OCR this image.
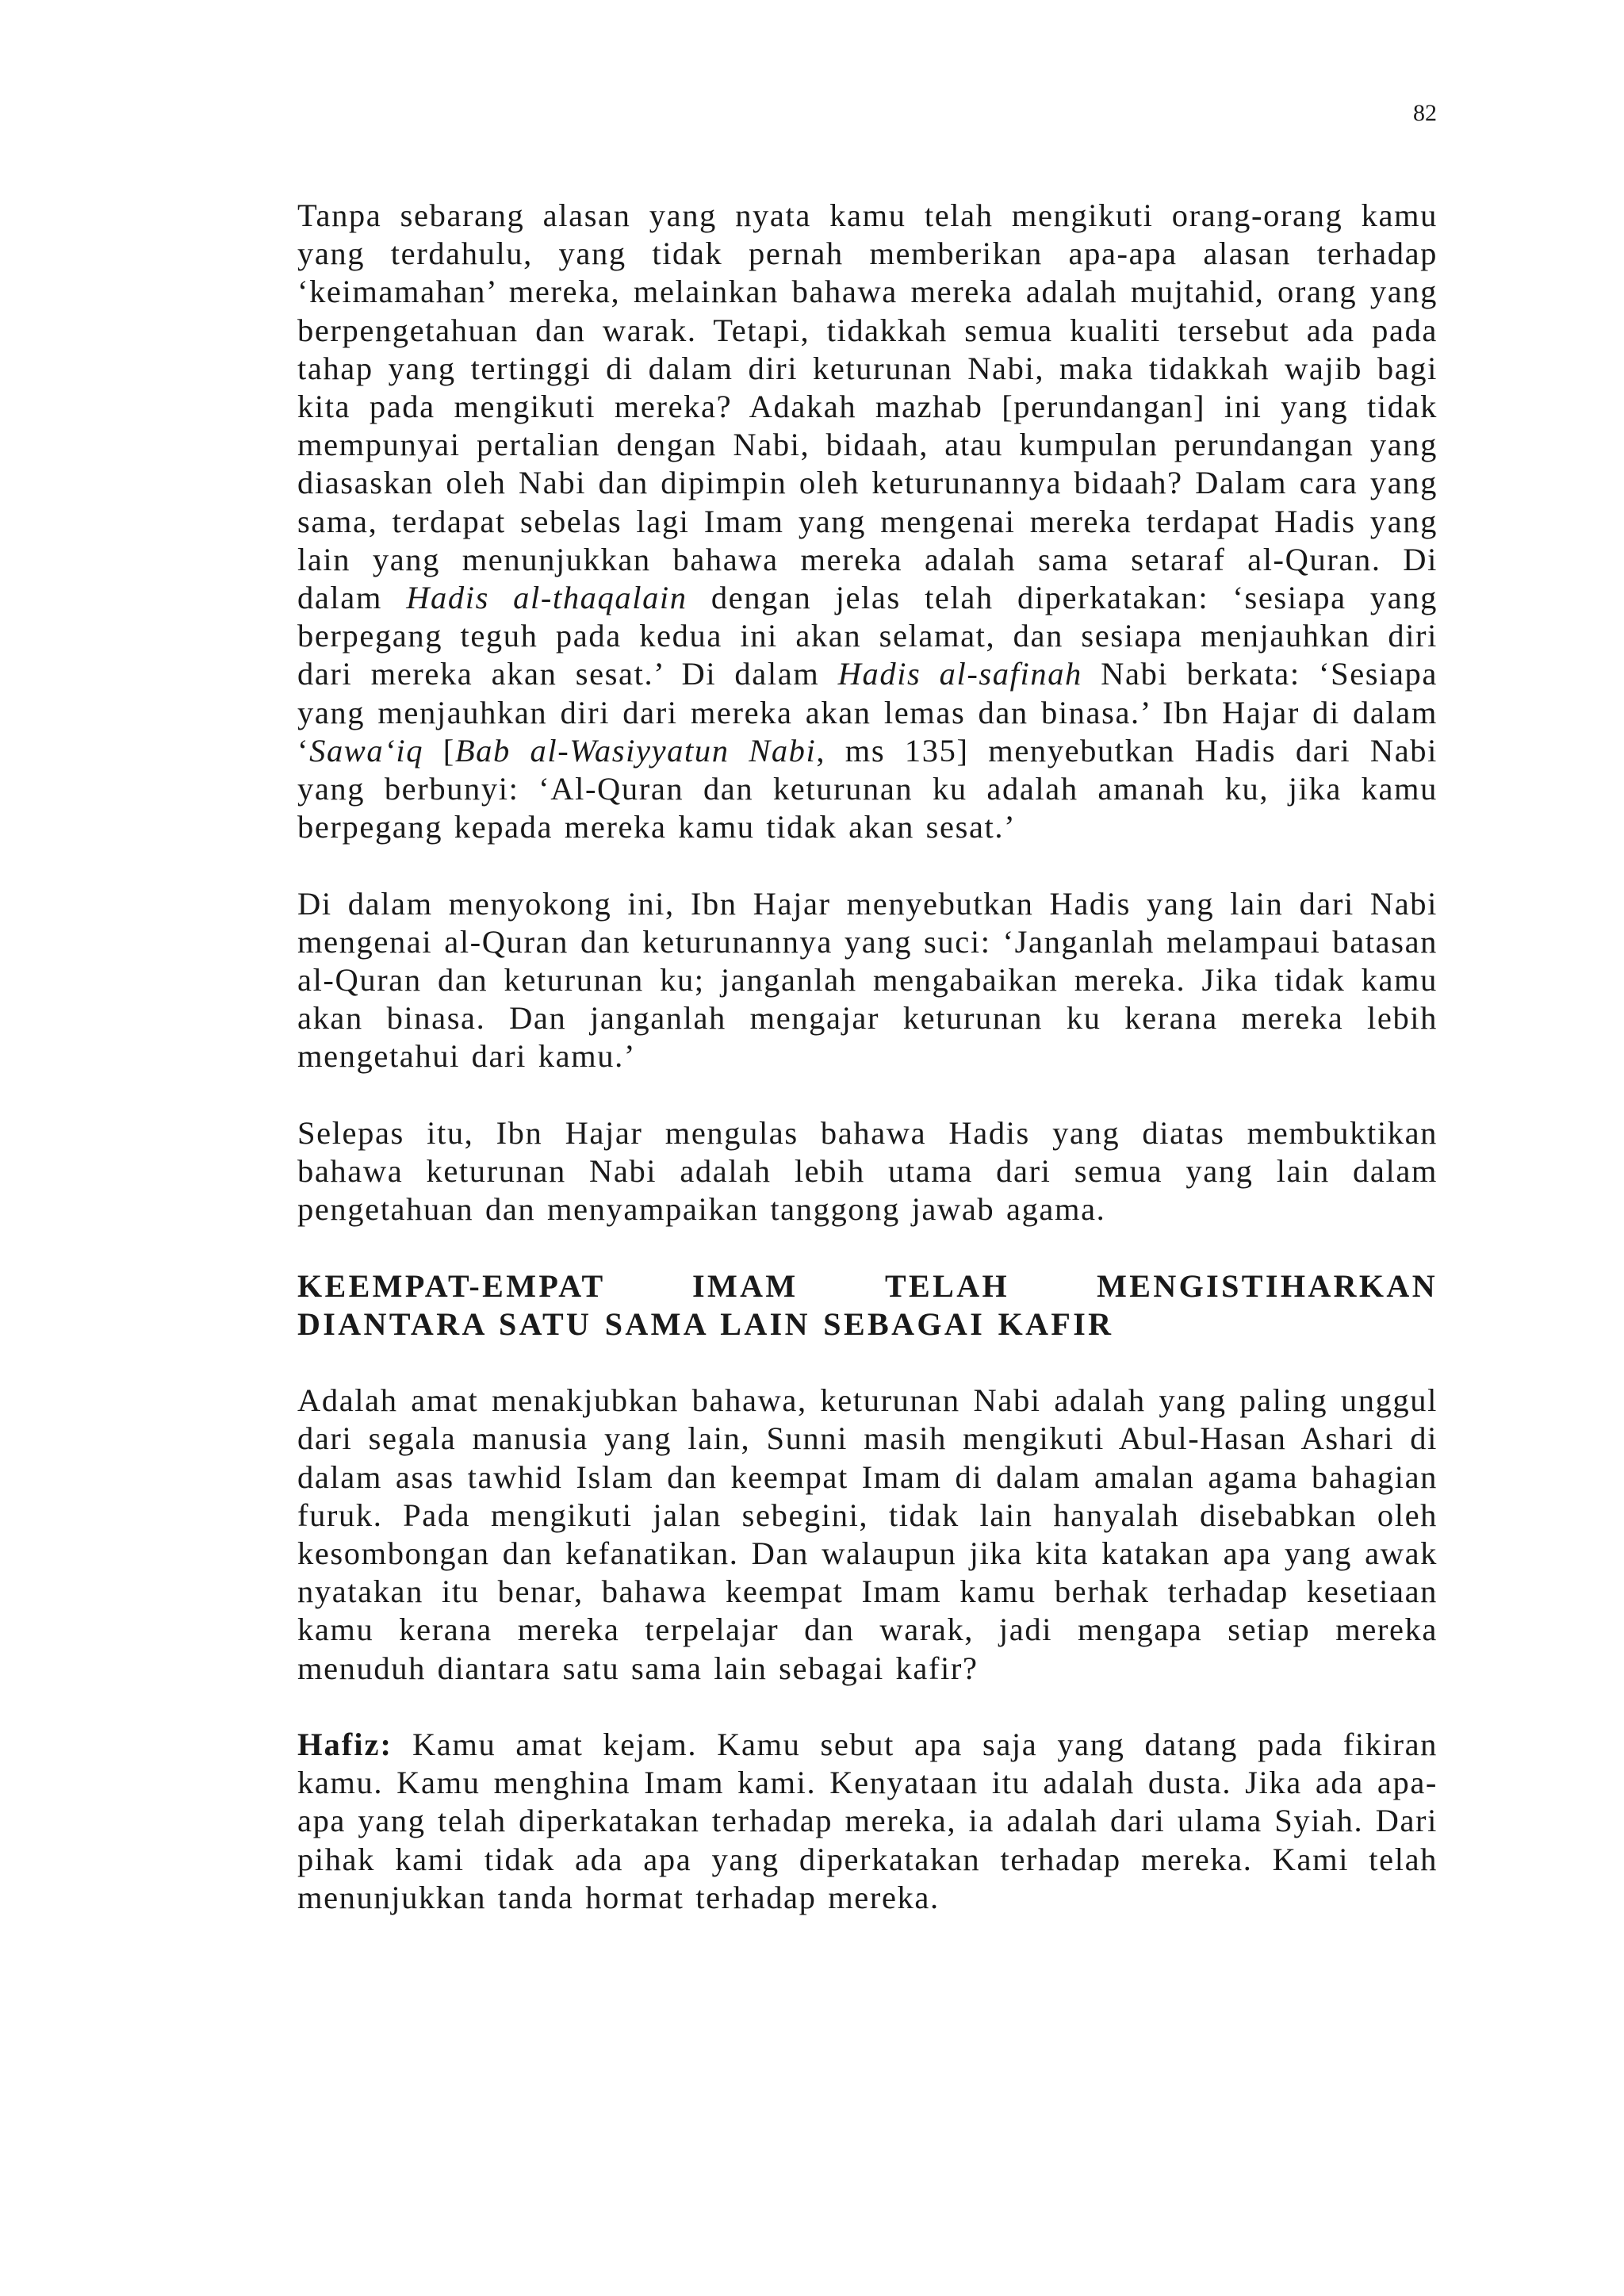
82

Tanpa sebarang alasan yang nyata kamu telah mengikuti orang-orang kamu yang terdahulu, yang tidak pernah memberikan apa-apa alasan terhadap ‘keimamahan’ mereka, melainkan bahawa mereka adalah mujtahid, orang yang berpengetahuan dan warak. Tetapi, tidakkah semua kualiti tersebut ada pada tahap yang tertinggi di dalam diri keturunan Nabi, maka tidakkah wajib bagi kita pada mengikuti mereka? Adakah mazhab [perundangan] ini yang tidak mempunyai pertalian dengan Nabi, bidaah, atau kumpulan perundangan yang diasaskan oleh Nabi dan dipimpin oleh keturunannya bidaah? Dalam cara yang sama, terdapat sebelas lagi Imam yang mengenai mereka terdapat Hadis yang lain yang menunjukkan bahawa mereka adalah sama setaraf al-Quran. Di dalam Hadis al-thaqalain dengan jelas telah diperkatakan: ‘sesiapa yang berpegang teguh pada kedua ini akan selamat, dan sesiapa menjauhkan diri dari mereka akan sesat.’ Di dalam Hadis al-safinah Nabi berkata: ‘Sesiapa yang menjauhkan diri dari mereka akan lemas dan binasa.’ Ibn Hajar di dalam ‘Sawa‘iq [Bab al-Wasiyyatun Nabi, ms 135] menyebutkan Hadis dari Nabi yang berbunyi: ‘Al-Quran dan keturunan ku adalah amanah ku, jika kamu berpegang kepada mereka kamu tidak akan sesat.’

Di dalam menyokong ini, Ibn Hajar menyebutkan Hadis yang lain dari Nabi mengenai al-Quran dan keturunannya yang suci: ‘Janganlah melampaui batasan al-Quran dan keturunan ku; janganlah mengabaikan mereka. Jika tidak kamu akan binasa. Dan janganlah mengajar keturunan ku kerana mereka lebih mengetahui dari kamu.’

Selepas itu, Ibn Hajar mengulas bahawa Hadis yang diatas membuktikan bahawa keturunan Nabi adalah lebih utama dari semua yang lain dalam pengetahuan dan menyampaikan tanggong jawab agama.

KEEMPAT-EMPAT IMAM TELAH MENGISTIHARKAN
DIANTARA SATU SAMA LAIN SEBAGAI KAFIR

Adalah amat menakjubkan bahawa, keturunan Nabi adalah yang paling unggul dari segala manusia yang lain, Sunni masih mengikuti Abul-Hasan Ashari di dalam asas tawhid Islam dan keempat Imam di dalam amalan agama bahagian furuk. Pada mengikuti jalan sebegini, tidak lain hanyalah disebabkan oleh kesombongan dan kefanatikan. Dan walaupun jika kita katakan apa yang awak nyatakan itu benar, bahawa keempat Imam kamu berhak terhadap kesetiaan kamu kerana mereka terpelajar dan warak, jadi mengapa setiap mereka menuduh diantara satu sama lain sebagai kafir?

Hafiz: Kamu amat kejam. Kamu sebut apa saja yang datang pada fikiran kamu. Kamu menghina Imam kami. Kenyataan itu adalah dusta. Jika ada apa-apa yang telah diperkatakan terhadap mereka, ia adalah dari ulama Syiah. Dari pihak kami tidak ada apa yang diperkatakan terhadap mereka. Kami telah menunjukkan tanda hormat terhadap mereka.
